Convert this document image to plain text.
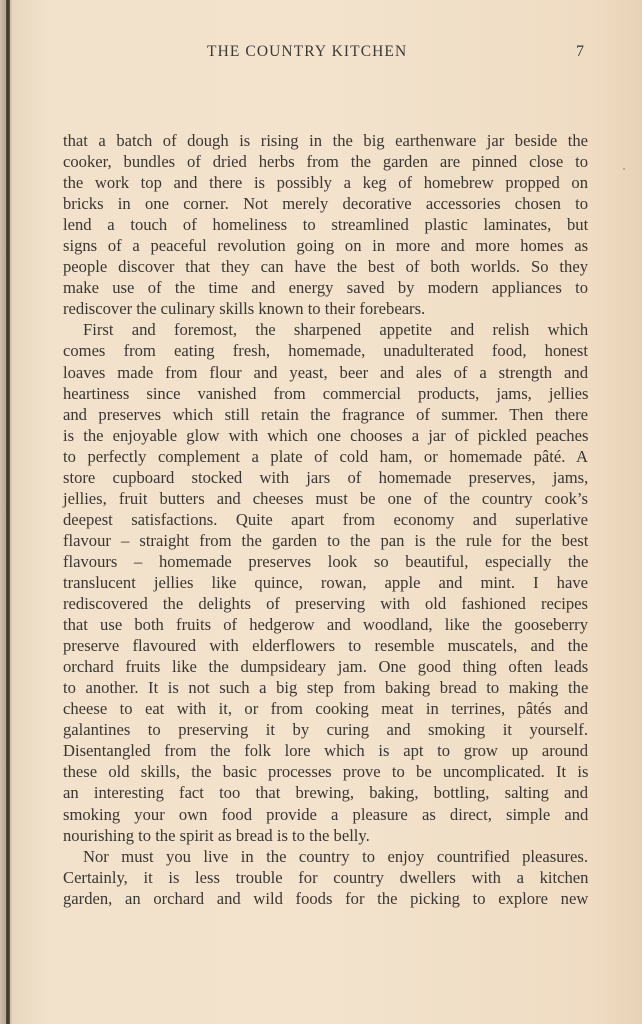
THE COUNTRY KITCHEN	7
that a batch of dough is rising in the big earthenware jar beside the
cooker, bundles of dried herbs from the garden are pinned close to
the work top and there is possibly a keg of homebrew propped on
bricks in one corner. Not merely decorative accessories chosen to
lend a touch of homeliness to streamlined plastic laminates, but
signs of a peaceful revolution going on in more and more homes as
people discover that they can have the best of both worlds. So they
make use of the time and energy saved by modern appliances to
rediscover the culinary skills known to their forebears.
First and foremost, the sharpened appetite and relish which
comes from eating fresh, homemade, unadulterated food, honest
loaves made from flour and yeast, beer and ales of a strength and
heartiness since vanished from commercial products, jams, jellies
and preserves which still retain the fragrance of summer. Then there
is the enjoyable glow with which one chooses a jar of pickled peaches
to perfectly complement a plate of cold ham, or homemade pâté. A
store cupboard stocked with jars of homemade preserves, jams,
jellies, fruit butters and cheeses must be one of the country cook’s
deepest satisfactions. Quite apart from economy and superlative
flavour – straight from the garden to the pan is the rule for the best
flavours – homemade preserves look so beautiful, especially the
translucent jellies like quince, rowan, apple and mint. I have
rediscovered the delights of preserving with old fashioned recipes
that use both fruits of hedgerow and woodland, like the gooseberry
preserve flavoured with elderflowers to resemble muscatels, and the
orchard fruits like the dumpsideary jam. One good thing often leads
to another. It is not such a big step from baking bread to making the
cheese to eat with it, or from cooking meat in terrines, pâtés and
galantines to preserving it by curing and smoking it yourself.
Disentangled from the folk lore which is apt to grow up around
these old skills, the basic processes prove to be uncomplicated. It is
an interesting fact too that brewing, baking, bottling, salting and
smoking your own food provide a pleasure as direct, simple and
nourishing to the spirit as bread is to the belly.
Nor must you live in the country to enjoy countrified pleasures.
Certainly, it is less trouble for country dwellers with a kitchen
garden, an orchard and wild foods for the picking to explore new
